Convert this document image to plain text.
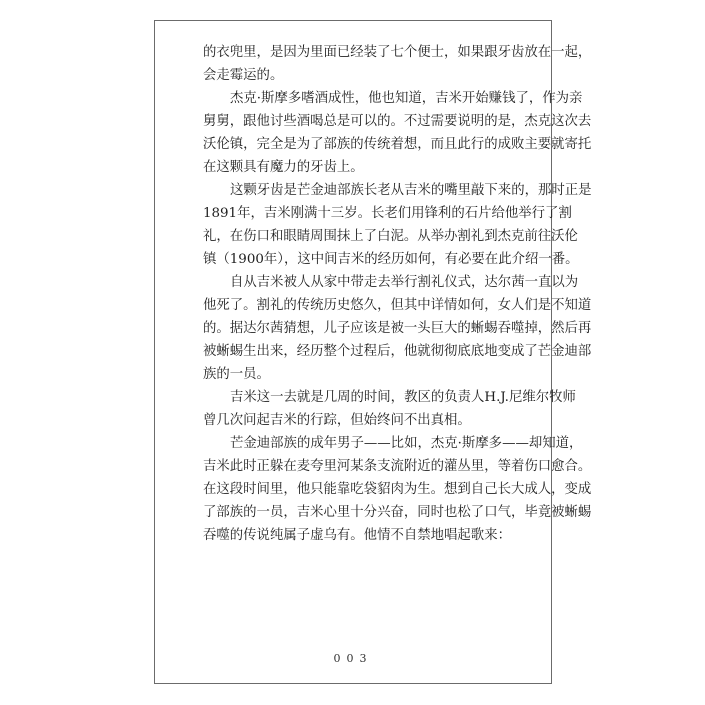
的衣兜里，是因为里面已经装了七个便士，如果跟牙齿放在一起，
会走霉运的。

杰克·斯摩多嗜酒成性，他也知道，吉米开始赚钱了，作为亲
舅舅，跟他讨些酒喝总是可以的。不过需要说明的是，杰克这次去
沃伦镇，完全是为了部族的传统着想，而且此行的成败主要就寄托
在这颗具有魔力的牙齿上。

这颗牙齿是芒金迪部族长老从吉米的嘴里敲下来的，那时正是
1891年，吉米刚满十三岁。长老们用锋利的石片给他举行了割
礼，在伤口和眼睛周围抹上了白泥。从举办割礼到杰克前往沃伦
镇（1900年），这中间吉米的经历如何，有必要在此介绍一番。

自从吉米被人从家中带走去举行割礼仪式，达尔茜一直以为
他死了。割礼的传统历史悠久，但其中详情如何，女人们是不知道
的。据达尔茜猜想，儿子应该是被一头巨大的蜥蜴吞噬掉，然后再
被蜥蜴生出来，经历整个过程后，他就彻彻底底地变成了芒金迪部
族的一员。

吉米这一去就是几周的时间，教区的负责人H.J.尼维尔牧师
曾几次问起吉米的行踪，但始终问不出真相。

芒金迪部族的成年男子——比如，杰克·斯摩多——却知道，
吉米此时正躲在麦夸里河某条支流附近的灌丛里，等着伤口愈合。
在这段时间里，他只能靠吃袋貂肉为生。想到自己长大成人，变成
了部族的一员，吉米心里十分兴奋，同时也松了口气，毕竟被蜥蜴
吞噬的传说纯属子虚乌有。他情不自禁地唱起歌来：

003
